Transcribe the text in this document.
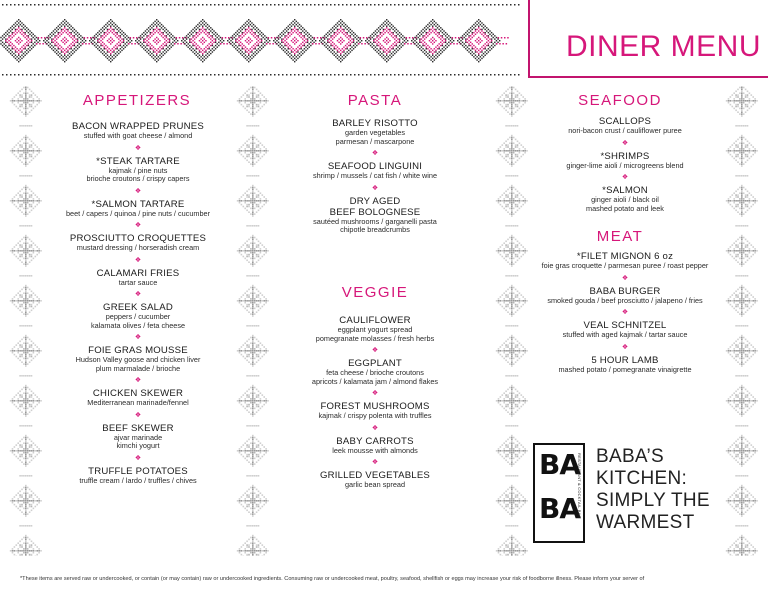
DINER MENU
APPETIZERS	PASTA
VEGGIE
SEAFOOD
MEAT
BACON WRAPPED PRUNES
stuffed with goat cheese / almond
❖
*STEAK TARTARE
kajmak / pine nuts
brioche croutons / crispy capers
❖
*SALMON TARTARE
beet / capers / quinoa / pine nuts / cucumber
❖
PROSCIUTTO CROQUETTES
mustard dressing / horseradish cream
❖
CALAMARI FRIES
tartar sauce
❖
GREEK SALAD
peppers / cucumber
kalamata olives / feta cheese
❖
FOIE GRAS MOUSSE
Hudson Valley goose and chicken liver
plum marmalade / brioche
❖
CHICKEN SKEWER
Mediterranean marinade/fennel
❖
BEEF SKEWER
ajvar marinade
kimchi yogurt
❖
TRUFFLE POTATOES
truffle cream / lardo / truffles / chives
BARLEY RISOTTO
garden vegetables
parmesan / mascarpone
❖
SEAFOOD LINGUINI
shrimp / mussels / cat fish / white wine
❖
DRY AGED
BEEF BOLOGNESE
sautéed mushrooms / garganelli pasta
chipotle breadcrumbs
CAULIFLOWER
eggplant yogurt spread
pomegranate molasses / fresh herbs
❖
EGGPLANT
feta cheese / brioche croutons
apricots / kalamata jam / almond flakes
❖
FOREST MUSHROOMS
kajmak / crispy polenta with truffles
❖
BABY CARROTS
leek mousse with almonds
❖
GRILLED VEGETABLES
garlic bean spread
SCALLOPS
nori-bacon crust / cauliflower puree
❖
*SHRIMPS
ginger-lime aioli / microgreens blend
❖
*SALMON
ginger aioli / black oil
mashed potato and leek
*FILET MIGNON 6 oz
foie gras croquette / parmesan puree / roast pepper
❖
BABA BURGER
smoked gouda / beef prosciutto / jalapeno / fries
❖
VEAL SCHNITZEL
stuffed with aged kajmak / tartar sauce
❖
5 HOUR LAMB
mashed potato / pomegranate vinaigrette
BA
BA
RESTAURANT & COCKTAIL BAR BABA’S KITCHEN: SIMPLY THE WARMEST
*These items are served raw or undercooked, or contain (or may contain) raw or undercooked ingredients. Consuming raw or undercooked meat, poultry, seafood, shellfish or eggs may increase your risk of foodborne illness. Please inform your server of
